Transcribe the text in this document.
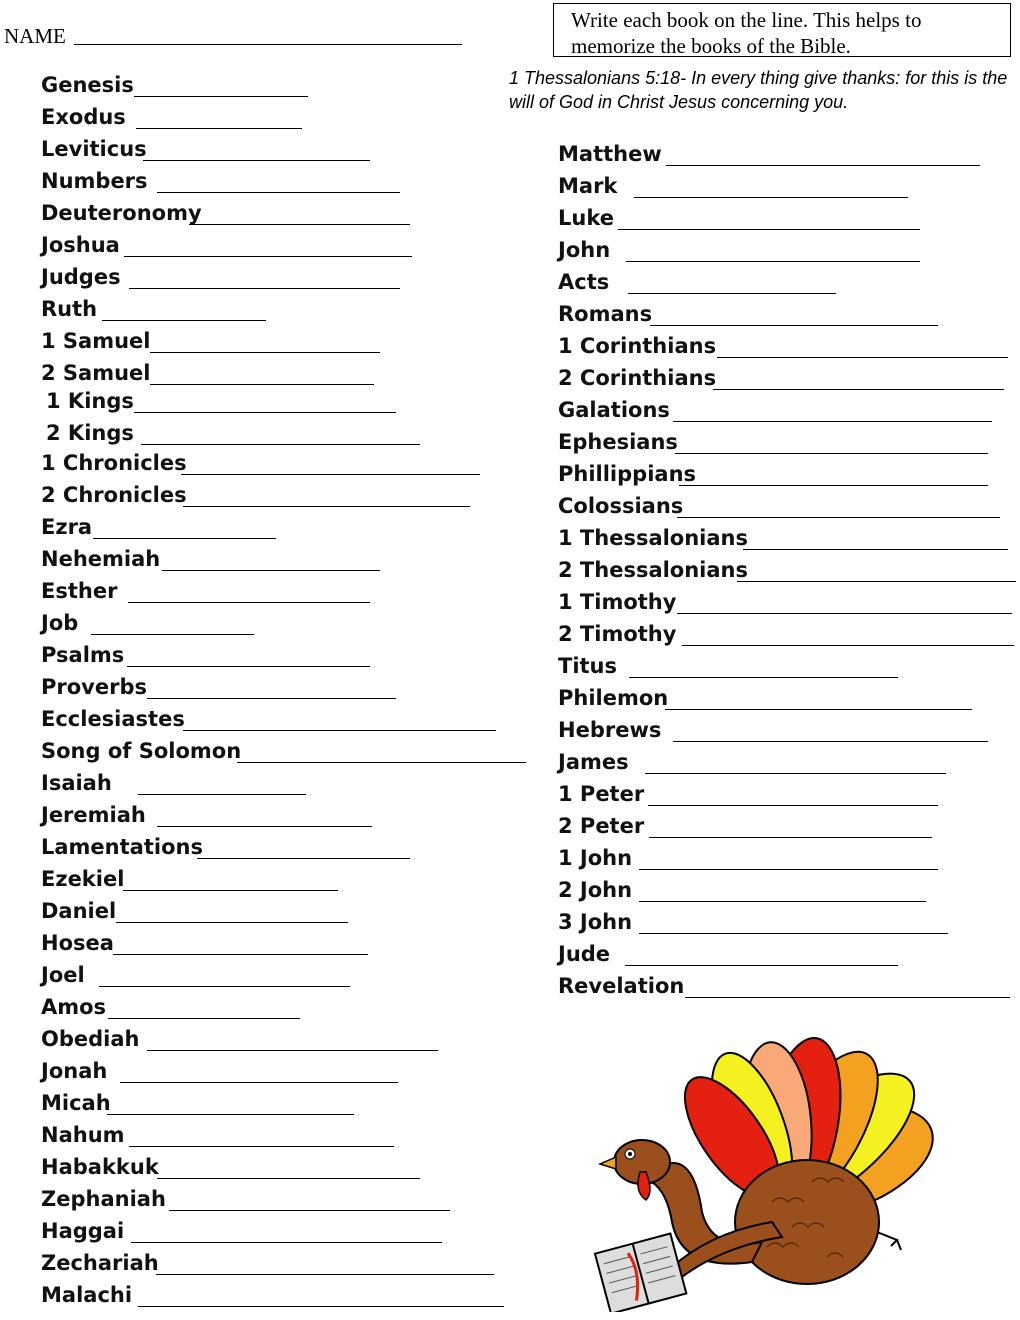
NAME
Write each book on the line. This helps to memorize the books of the Bible.
1 Thessalonians 5:18- In every thing give thanks: for this is the will of God in Christ Jesus concerning you.
Genesis
Exodus
Leviticus
Numbers
Deuteronomy
Joshua
Judges
Ruth
1 Samuel
2 Samuel
1 Kings
2 Kings
1 Chronicles
2 Chronicles
Ezra
Nehemiah
Esther
Job
Psalms
Proverbs
Ecclesiastes
Song of Solomon
Isaiah
Jeremiah
Lamentations
Ezekiel
Daniel
Hosea
Joel
Amos
Obediah
Jonah
Micah
Nahum
Habakkuk
Zephaniah
Haggai
Zechariah
Malachi
Matthew
Mark
Luke
John
Acts
Romans
1 Corinthians
2 Corinthians
Galations
Ephesians
Phillippians
Colossians
1 Thessalonians
2 Thessalonians
1 Timothy
2 Timothy
Titus
Philemon
Hebrews
James
1 Peter
2 Peter
1 John
2 John
3 John
Jude
Revelation
